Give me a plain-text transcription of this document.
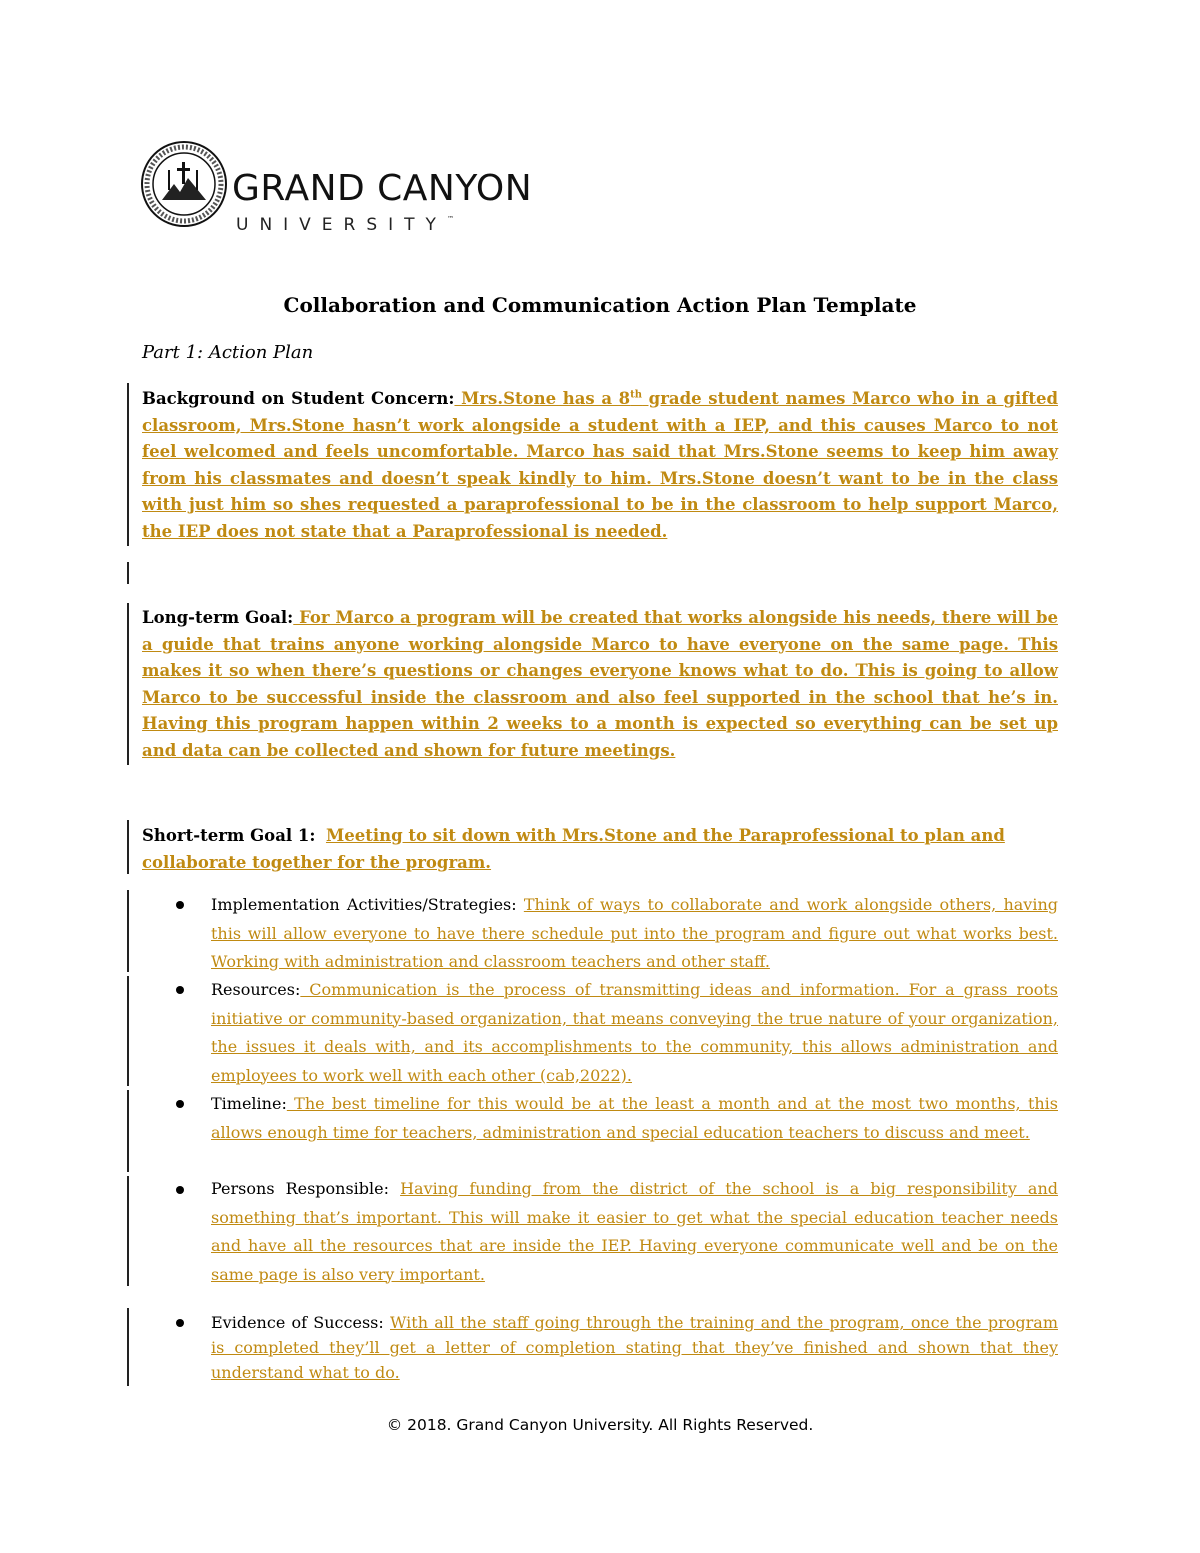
GRAND CANYON
UNIVERSITY™
Collaboration and Communication Action Plan Template
Part 1: Action Plan
Background on Student Concern: Mrs.Stone has a 8th grade student names Marco who in a gifted classroom, Mrs.Stone hasn’t work alongside a student with a IEP, and this causes Marco to not feel welcomed and feels uncomfortable. Marco has said that Mrs.Stone seems to keep him away from his classmates and doesn’t speak kindly to him. Mrs.Stone doesn’t want to be in the class with just him so shes requested a paraprofessional to be in the classroom to help support Marco, the IEP does not state that a Paraprofessional is needed.
Long-term Goal: For Marco a program will be created that works alongside his needs, there will be a guide that trains anyone working alongside Marco to have everyone on the same page. This makes it so when there’s questions or changes everyone knows what to do. This is going to allow Marco to be successful inside the classroom and also feel supported in the school that he’s in. Having this program happen within 2 weeks to a month is expected so everything can be set up and data can be collected and shown for future meetings.
Short-term Goal 1: Meeting to sit down with Mrs.Stone and the Paraprofessional to plan and collaborate together for the program.
Implementation Activities/Strategies: Think of ways to collaborate and work alongside others, having this will allow everyone to have there schedule put into the program and figure out what works best. Working with administration and classroom teachers and other staff.
Resources: Communication is the process of transmitting ideas and information. For a grass roots initiative or community-based organization, that means conveying the true nature of your organization, the issues it deals with, and its accomplishments to the community, this allows administration and employees to work well with each other (cab,2022).
Timeline: The best timeline for this would be at the least a month and at the most two months, this allows enough time for teachers, administration and special education teachers to discuss and meet.
Persons Responsible: Having funding from the district of the school is a big responsibility and something that’s important. This will make it easier to get what the special education teacher needs and have all the resources that are inside the IEP. Having everyone communicate well and be on the same page is also very important.
Evidence of Success: With all the staff going through the training and the program, once the program is completed they’ll get a letter of completion stating that they’ve finished and shown that they understand what to do.
© 2018. Grand Canyon University. All Rights Reserved.
